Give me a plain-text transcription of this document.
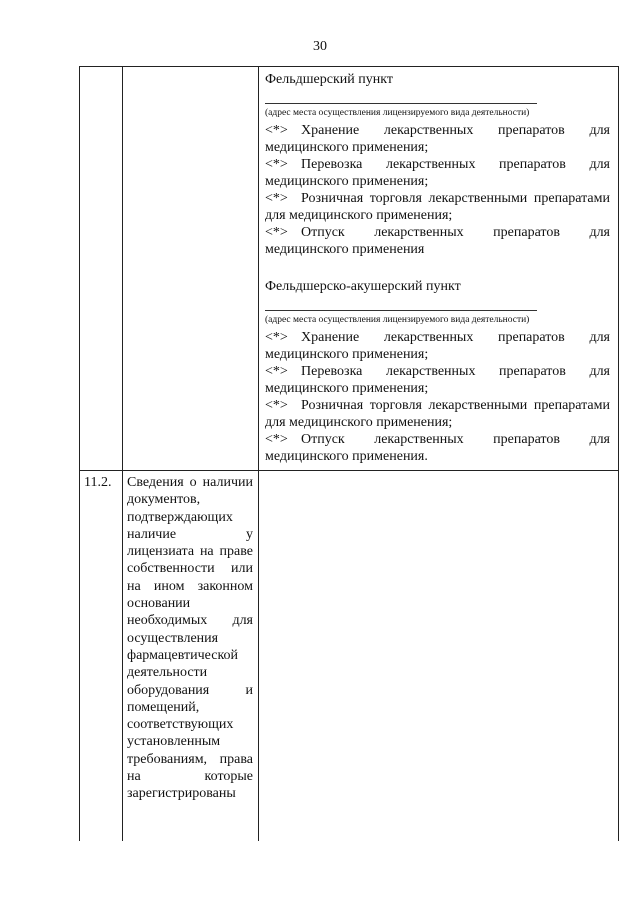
30
Фельдшерский пункт
(адрес места осуществления лицензируемого вида деятельности)
<*> Хранение лекарственных препаратов для медицинского применения;
<*> Перевозка лекарственных препаратов для медицинского применения;
<*> Розничная торговля лекарственными препаратами для медицинского применения;
<*> Отпуск лекарственных препаратов для медицинского применения
Фельдшерско-акушерский пункт
(адрес места осуществления лицензируемого вида деятельности)
<*> Хранение лекарственных препаратов для медицинского применения;
<*> Перевозка лекарственных препаратов для медицинского применения;
<*> Розничная торговля лекарственными препаратами для медицинского применения;
<*> Отпуск лекарственных препаратов для медицинского применения.
11.2. Сведения о наличии документов, подтверждающих наличие у лицензиата на праве собственности или на ином законном основании необходимых для осуществления фармацевтической деятельности оборудования и помещений, соответствующих установленным требованиям, права на которые зарегистрированы
